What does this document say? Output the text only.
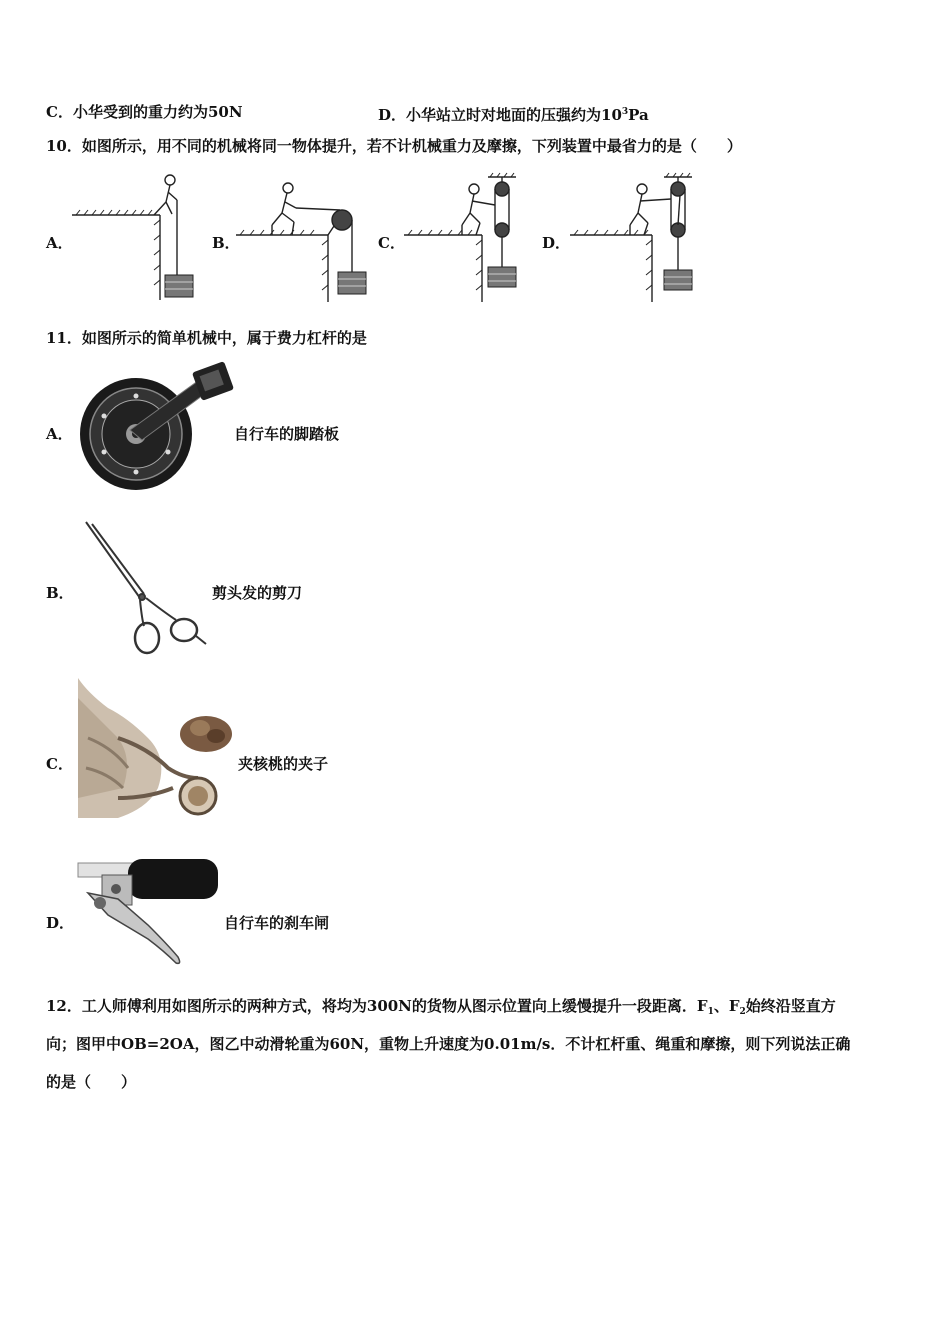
C．小华受到的重力约为50N	D．小华站立时对地面的压强约为$10^3Pa$
10．如图所示，用不同的机械将同一物体提升，若不计机械重力及摩擦，下列装置中最省力的是（　　）
A．	B．	C．	D．
11．如图所示的简单机械中，属于费力杠杆的是
A．	自行车的脚踏板
B．	剪头发的剪刀
C．	夹核桃的夹子
D．	自行车的刹车闸
12．工人师傅利用如图所示的两种方式，将均为300N的货物从图示位置向上缓慢提升一段距离．$F_1$、$F_2$始终沿竖直方
向；图甲中OB=2OA，图乙中动滑轮重为60N，重物上升速度为0.01m/s．不计杠杆重、绳重和摩擦，则下列说法正确
的是（　　）
